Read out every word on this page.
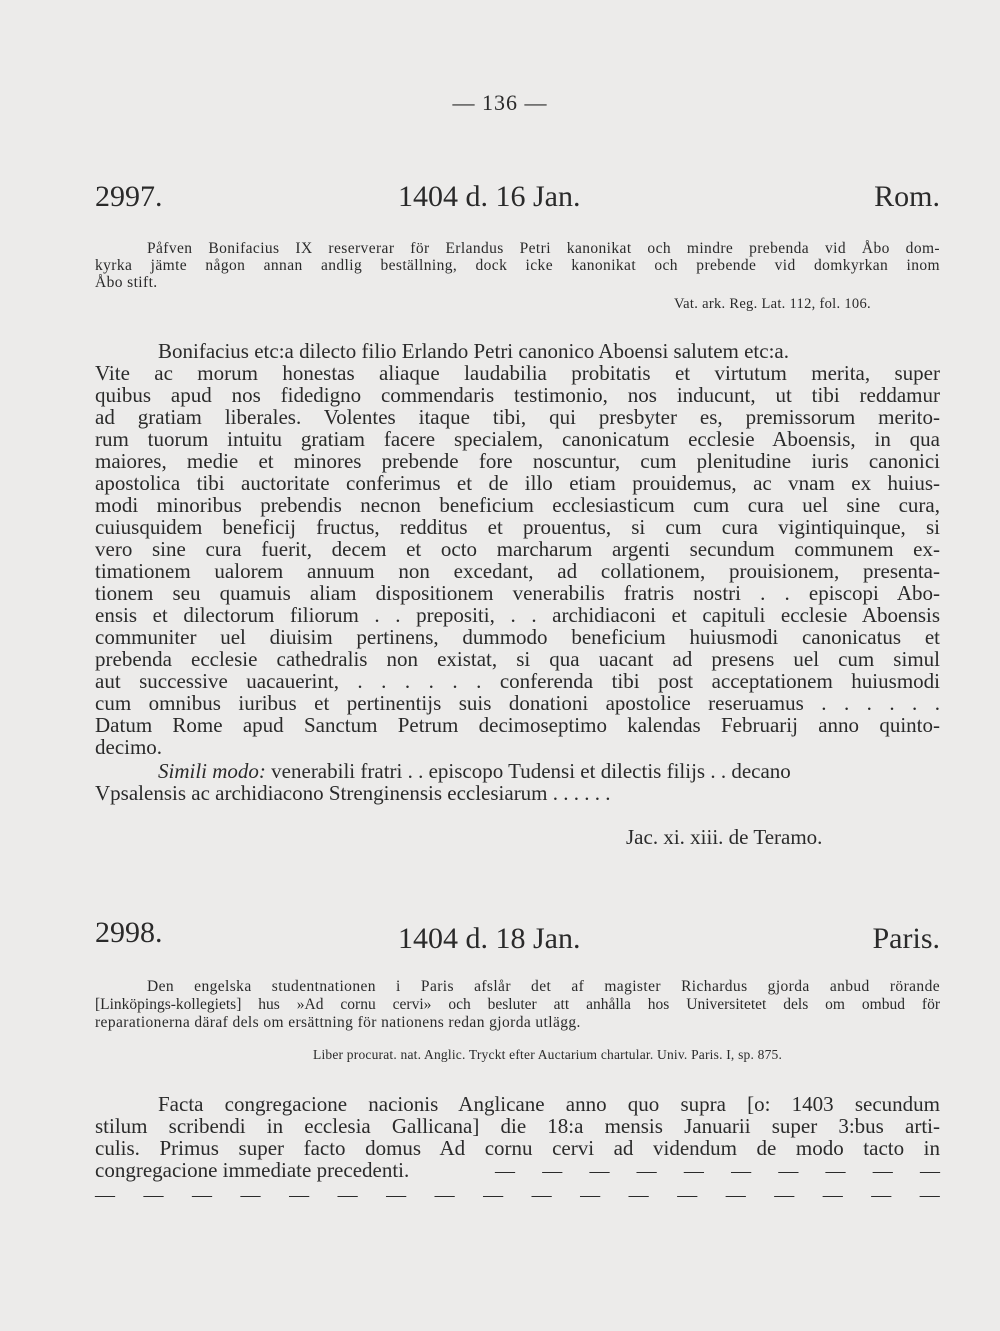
— 136 —
2997.	1404 d. 16 Jan.	Rom.
Påfven Bonifacius IX reserverar för Erlandus Petri kanonikat och mindre prebenda vid Åbo dom-
kyrka jämte någon annan andlig beställning, dock icke kanonikat och prebende vid domkyrkan inom
Åbo stift.
Vat. ark. Reg. Lat. 112, fol. 106.
Bonifacius etc:a dilecto filio Erlando Petri canonico Aboensi salutem etc:a.
Vite ac morum honestas aliaque laudabilia probitatis et virtutum merita, super
quibus apud nos fidedigno commendaris testimonio, nos inducunt, ut tibi reddamur
ad gratiam liberales. Volentes itaque tibi, qui presbyter es, premissorum merito-
rum tuorum intuitu gratiam facere specialem, canonicatum ecclesie Aboensis, in qua
maiores, medie et minores prebende fore noscuntur, cum plenitudine iuris canonici
apostolica tibi auctoritate conferimus et de illo etiam prouidemus, ac vnam ex huius-
modi minoribus prebendis necnon beneficium ecclesiasticum cum cura uel sine cura,
cuiusquidem beneficij fructus, redditus et prouentus, si cum cura vigintiquinque, si
vero sine cura fuerit, decem et octo marcharum argenti secundum communem ex-
timationem ualorem annuum non excedant, ad collationem, prouisionem, presenta-
tionem seu quamuis aliam dispositionem venerabilis fratris nostri . . episcopi Abo-
ensis et dilectorum filiorum . . prepositi, . . archidiaconi et capituli ecclesie Aboensis
communiter uel diuisim pertinens, dummodo beneficium huiusmodi canonicatus et
prebenda ecclesie cathedralis non existat, si qua uacant ad presens uel cum simul
aut successive uacauerint, . . . . . . conferenda tibi post acceptationem huiusmodi
cum omnibus iuribus et pertinentijs suis donationi apostolice reseruamus . . . . . .
Datum Rome apud Sanctum Petrum decimoseptimo kalendas Februarij anno quinto-
decimo.
Simili modo: venerabili fratri . . episcopo Tudensi et dilectis filijs . . decano
Vpsalensis ac archidiacono Strenginensis ecclesiarum . . . . . .
Jac. xi. xiii. de Teramo.
2998.	1404 d. 18 Jan.	Paris.
Den engelska studentnationen i Paris afslår det af magister Richardus gjorda anbud rörande
[Linköpings-kollegiets] hus »Ad cornu cervi» och besluter att anhålla hos Universitetet dels om ombud för
reparationerna däraf dels om ersättning för nationens redan gjorda utlägg.
Liber procurat. nat. Anglic. Tryckt efter Auctarium chartular. Univ. Paris. I, sp. 875.
Facta congregacione nacionis Anglicane anno quo supra [o: 1403 secundum
stilum scribendi in ecclesia Gallicana] die 18:a mensis Januarii super 3:bus arti-
culis. Primus super facto domus Ad cornu cervi ad videndum de modo tacto in
congregacione immediate precedenti.	— — — — — — — — — —
— — — — — — — — — — — — — — — — — —
